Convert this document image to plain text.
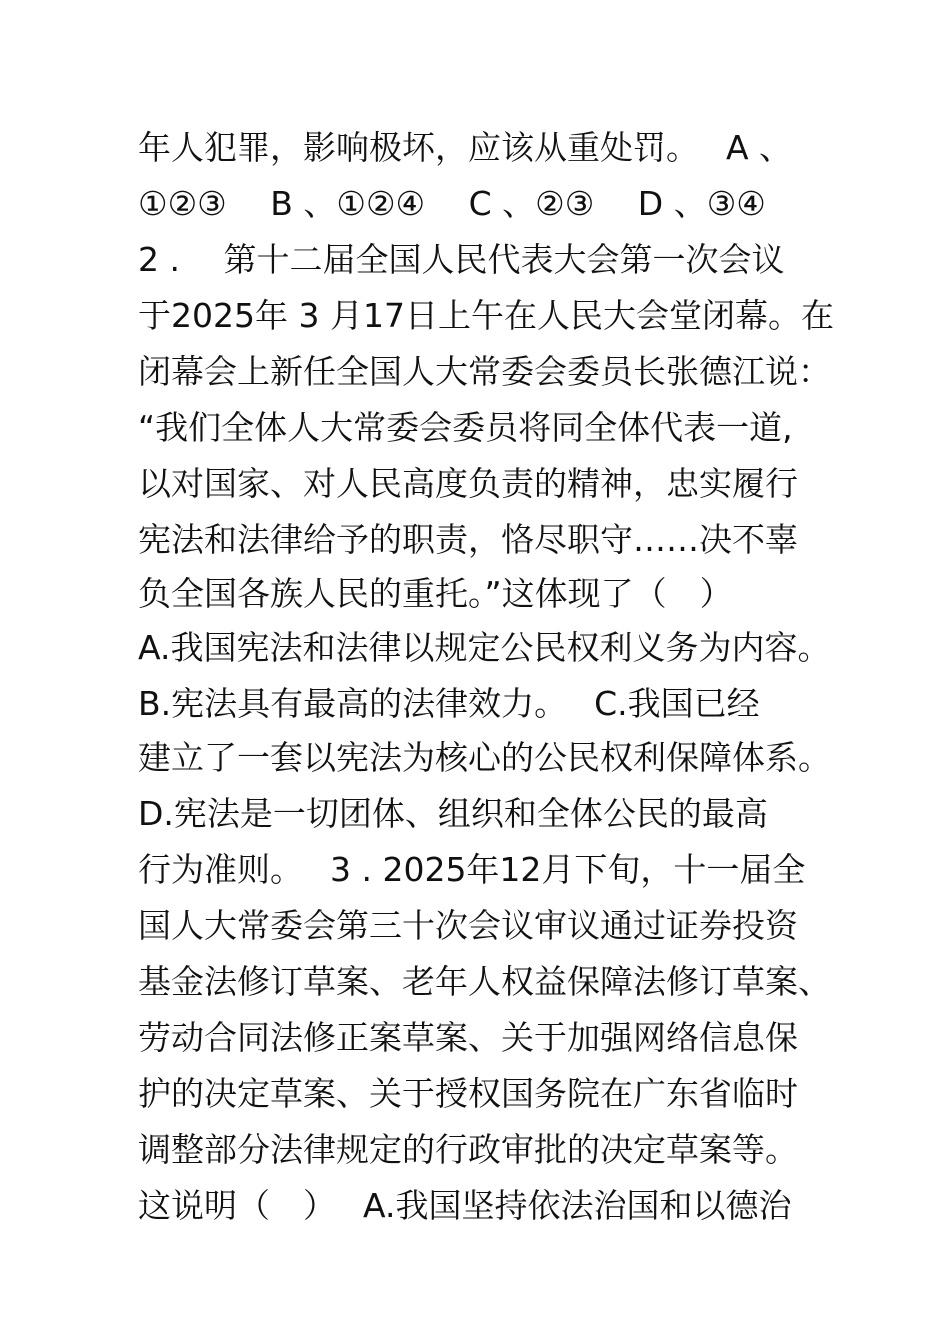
年人犯罪，影响极坏，应该从重处罚。　 A 、
①②③　 B 、①②④ 　C 、②③ 　D 、③④
2 .　 第十二届全国人民代表大会第一次会议
于2025年 3 月17日上午在人民大会堂闭幕。在
闭幕会上新任全国人大常委会委员长张德江说：
“我们全体人大常委会委员将同全体代表一道,
以对国家、对人民高度负责的精神，忠实履行
宪法和法律给予的职责，恪尽职守……决不辜
负全国各族人民的重托。”这体现了（　）
A.我国宪法和法律以规定公民权利义务为内容。
B.宪法具有最高的法律效力。　 C.我国已经
建立了一套以宪法为核心的公民权利保障体系。
D.宪法是一切团体、组织和全体公民的最高
行为准则。　 3 . 2025年12月下旬，十一届全
国人大常委会第三十次会议审议通过证券投资
基金法修订草案、老年人权益保障法修订草案、
劳动合同法修正案草案、关于加强网络信息保
护的决定草案、关于授权国务院在广东省临时
调整部分法律规定的行政审批的决定草案等。
这说明（　）　 A.我国坚持依法治国和以德治
